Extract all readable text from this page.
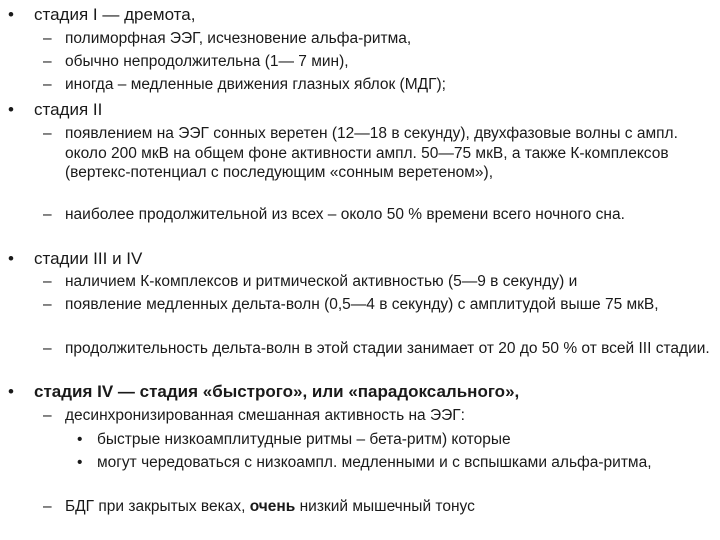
• стадия I — дремота,
– полиморфная ЭЭГ, исчезновение альфа-ритма,
– обычно непродолжительна (1— 7 мин),
– иногда – медленные движения глазных яблок (МДГ);
• стадия II
– появлением на ЭЭГ сонных веретен (12—18 в секунду), двухфазовые волны с ампл. около 200 мкВ на общем фоне активности ампл. 50—75 мкВ, а также К-комплексов (вертекс-потенциал с последующим «сонным веретеном»),
– наиболее продолжительной из всех – около 50 % времени всего ночного сна.
• стадии III и IV
– наличием К-комплексов и ритмической активностью (5—9 в секунду) и
– появление медленных дельта-волн (0,5—4 в секунду) с амплитудой выше 75 мкВ,
– продолжительность дельта-волн в этой стадии занимает от 20 до 50 % от всей III стадии.
• стадия IV — стадия «быстрого», или «парадоксального»,
– десинхронизированная смешанная активность на ЭЭГ:
• быстрые низкоамплитудные ритмы – бета-ритм) которые
• могут чередоваться с низкоампл. медленными и с вспышками альфа-ритма,
– БДГ при закрытых веках, очень низкий мышечный тонус
